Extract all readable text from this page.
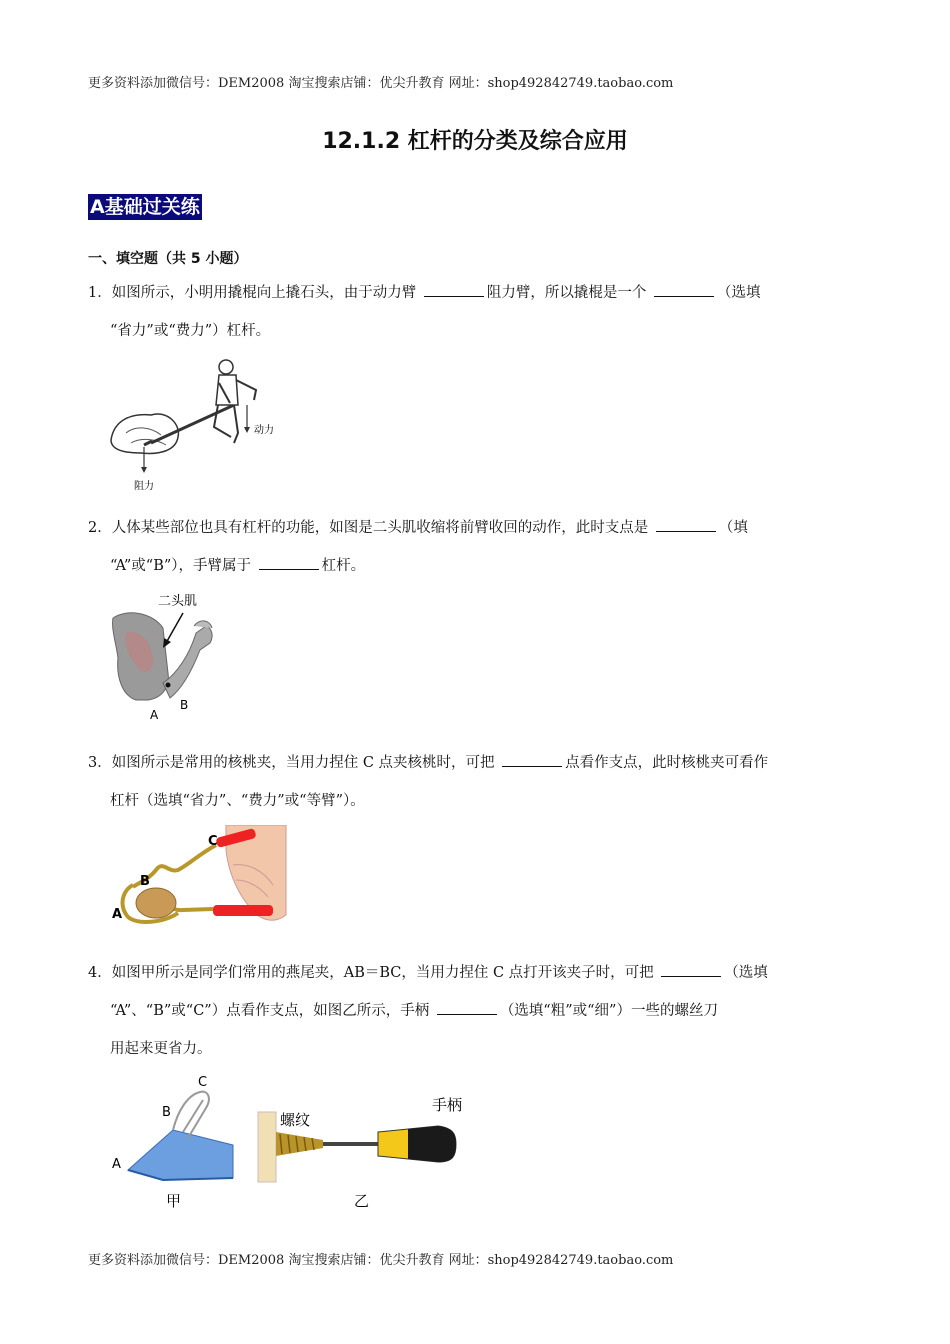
更多资料添加微信号：DEM2008 淘宝搜索店铺：优尖升教育 网址：shop492842749.taobao.com
12.1.2 杠杆的分类及综合应用
A基础过关练
一、填空题（共 5 小题）
1．如图所示，小明用撬棍向上撬石头，由于动力臂	阻力臂，所以撬棍是一个	（选填
“省力”或“费力”）杠杆。
动力
阻力
2．人体某些部位也具有杠杆的功能，如图是二头肌收缩将前臂收回的动作，此时支点是	（填
“A”或“B”），手臂属于	杠杆。
二头肌
A
B
3．如图所示是常用的核桃夹，当用力捏住 C 点夹核桃时，可把	点看作支点，此时核桃夹可看作
杠杆（选填“省力”、“费力”或“等臂”）。
C
B
A
4．如图甲所示是同学们常用的燕尾夹，AB＝BC，当用力捏住 C 点打开该夹子时，可把	（选填
“A”、“B”或“C”）点看作支点，如图乙所示，手柄	（选填“粗”或“细”）一些的螺丝刀
用起来更省力。
C
B
A
甲
螺纹
手柄
乙
更多资料添加微信号：DEM2008 淘宝搜索店铺：优尖升教育 网址：shop492842749.taobao.com
